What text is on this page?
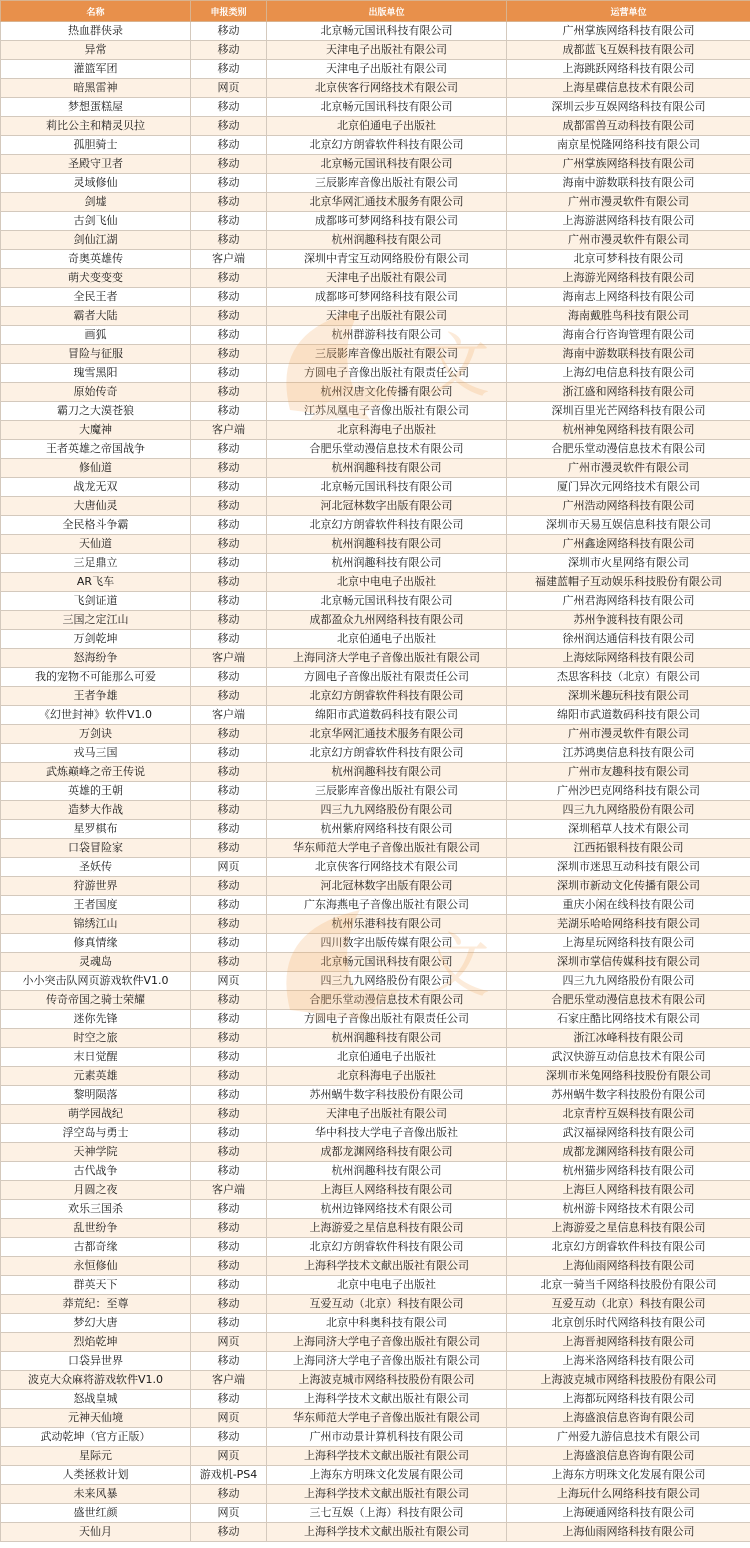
名称	申报类别	出版单位	运营单位
热血群侠录	移动	北京畅元国讯科技有限公司	广州掌族网络科技有限公司
异常	移动	天津电子出版社有限公司	成都蓝飞互娱科技有限公司
灌篮军团	移动	天津电子出版社有限公司	上海跳跃网络科技有限公司
暗黑雷神	网页	北京侠客行网络技术有限公司	上海星碟信息技术有限公司
梦想蛋糕屋	移动	北京畅元国讯科技有限公司	深圳云步互娱网络科技有限公司
莉比公主和精灵贝拉	移动	北京伯通电子出版社	成都雷兽互动科技有限公司
孤胆骑士	移动	北京幻方朗睿软件科技有限公司	南京星悦隆网络科技有限公司
圣殿守卫者	移动	北京畅元国讯科技有限公司	广州掌族网络科技有限公司
灵域修仙	移动	三辰影库音像出版社有限公司	海南中游数联科技有限公司
剑墟	移动	北京华网汇通技术服务有限公司	广州市漫灵软件有限公司
古剑飞仙	移动	成都哆可梦网络科技有限公司	上海游湛网络科技有限公司
剑仙江湖	移动	杭州润趣科技有限公司	广州市漫灵软件有限公司
奇奥英雄传	客户端	深圳中青宝互动网络股份有限公司	北京可梦科技有限公司
萌犬变变变	移动	天津电子出版社有限公司	上海游光网络科技有限公司
全民王者	移动	成都哆可梦网络科技有限公司	海南志上网络科技有限公司
霸者大陆	移动	天津电子出版社有限公司	海南戴胜鸟科技有限公司
画狐	移动	杭州群游科技有限公司	海南合行咨询管理有限公司
冒险与征服	移动	三辰影库音像出版社有限公司	海南中游数联科技有限公司
瑰雪黑阳	移动	方圆电子音像出版社有限责任公司	上海幻电信息科技有限公司
原始传奇	移动	杭州汉唐文化传播有限公司	浙江盛和网络科技有限公司
霸刀之大漠苍狼	移动	江苏凤凰电子音像出版社有限公司	深圳百里光芒网络科技有限公司
大魔神	客户端	北京科海电子出版社	杭州神兔网络科技有限公司
王者英雄之帝国战争	移动	合肥乐堂动漫信息技术有限公司	合肥乐堂动漫信息技术有限公司
修仙道	移动	杭州润趣科技有限公司	广州市漫灵软件有限公司
战龙无双	移动	北京畅元国讯科技有限公司	厦门异次元网络技术有限公司
大唐仙灵	移动	河北冠林数字出版有限公司	广州浩动网络科技有限公司
全民格斗争霸	移动	北京幻方朗睿软件科技有限公司	深圳市天易互娱信息科技有限公司
天仙道	移动	杭州润趣科技有限公司	广州鑫途网络科技有限公司
三足鼎立	移动	杭州润趣科技有限公司	深圳市火星网络有限公司
AR飞车	移动	北京中电电子出版社	福建蓝帽子互动娱乐科技股份有限公司
飞剑证道	移动	北京畅元国讯科技有限公司	广州君海网络科技有限公司
三国之定江山	移动	成都盈众九州网络科技有限公司	苏州争渡科技有限公司
万剑乾坤	移动	北京伯通电子出版社	徐州润达通信科技有限公司
怒海纷争	客户端	上海同济大学电子音像出版社有限公司	上海炫际网络科技有限公司
我的宠物不可能那么可爱	移动	方圆电子音像出版社有限责任公司	杰思客科技（北京）有限公司
王者争雄	移动	北京幻方朗睿软件科技有限公司	深圳米趣玩科技有限公司
《幻世封神》软件V1.0	客户端	绵阳市武道数码科技有限公司	绵阳市武道数码科技有限公司
万剑诀	移动	北京华网汇通技术服务有限公司	广州市漫灵软件有限公司
戎马三国	移动	北京幻方朗睿软件科技有限公司	江苏鸿奥信息科技有限公司
武炼巅峰之帝王传说	移动	杭州润趣科技有限公司	广州市友趣科技有限公司
英雄的王朝	移动	三辰影库音像出版社有限公司	广州沙巴克网络科技有限公司
造梦大作战	移动	四三九九网络股份有限公司	四三九九网络股份有限公司
星罗棋布	移动	杭州紫府网络科技有限公司	深圳稻草人技术有限公司
口袋冒险家	移动	华东师范大学电子音像出版社有限公司	江西拓银科技有限公司
圣妖传	网页	北京侠客行网络技术有限公司	深圳市迷思互动科技有限公司
狩游世界	移动	河北冠林数字出版有限公司	深圳市新动文化传播有限公司
王者国度	移动	广东海燕电子音像出版社有限公司	重庆小闲在线科技有限公司
锦绣江山	移动	杭州乐港科技有限公司	芜湖乐哈哈网络科技有限公司
修真情缘	移动	四川数字出版传媒有限公司	上海星玩网络科技有限公司
灵魂岛	移动	北京畅元国讯科技有限公司	深圳市掌信传媒科技有限公司
小小突击队网页游戏软件V1.0	网页	四三九九网络股份有限公司	四三九九网络股份有限公司
传奇帝国之骑士荣耀	移动	合肥乐堂动漫信息技术有限公司	合肥乐堂动漫信息技术有限公司
迷你先锋	移动	方圆电子音像出版社有限责任公司	石家庄酷比网络技术有限公司
时空之旅	移动	杭州润趣科技有限公司	浙江冰峰科技有限公司
末日觉醒	移动	北京伯通电子出版社	武汉快游互动信息技术有限公司
元素英雄	移动	北京科海电子出版社	深圳市米兔网络科技股份有限公司
黎明陨落	移动	苏州蜗牛数字科技股份有限公司	苏州蜗牛数字科技股份有限公司
萌学园战纪	移动	天津电子出版社有限公司	北京青柠互娱科技有限公司
浮空岛与勇士	移动	华中科技大学电子音像出版社	武汉福禄网络科技有限公司
天神学院	移动	成都龙渊网络科技有限公司	成都龙渊网络科技有限公司
古代战争	移动	杭州润趣科技有限公司	杭州猫步网络科技有限公司
月圆之夜	客户端	上海巨人网络科技有限公司	上海巨人网络科技有限公司
欢乐三国杀	移动	杭州边锋网络技术有限公司	杭州游卡网络技术有限公司
乱世纷争	移动	上海游爱之星信息科技有限公司	上海游爱之星信息科技有限公司
古都奇缘	移动	北京幻方朗睿软件科技有限公司	北京幻方朗睿软件科技有限公司
永恒修仙	移动	上海科学技术文献出版社有限公司	上海仙雨网络科技有限公司
群英天下	移动	北京中电电子出版社	北京一骑当千网络科技股份有限公司
莽荒纪：至尊	移动	互爱互动（北京）科技有限公司	互爱互动（北京）科技有限公司
梦幻大唐	移动	北京中科奥科技有限公司	北京创乐时代网络科技有限公司
烈焰乾坤	网页	上海同济大学电子音像出版社有限公司	上海晋昶网络科技有限公司
口袋异世界	移动	上海同济大学电子音像出版社有限公司	上海米洛网络科技有限公司
波克大众麻将游戏软件V1.0	客户端	上海波克城市网络科技股份有限公司	上海波克城市网络科技股份有限公司
怒战皇城	移动	上海科学技术文献出版社有限公司	上海都玩网络科技有限公司
元神天仙境	网页	华东师范大学电子音像出版社有限公司	上海盛浪信息咨询有限公司
武动乾坤（官方正版）	移动	广州市动景计算机科技有限公司	广州爱九游信息技术有限公司
星际元	网页	上海科学技术文献出版社有限公司	上海盛浪信息咨询有限公司
人类拯救计划	游戏机-PS4	上海东方明珠文化发展有限公司	上海东方明珠文化发展有限公司
未来风暴	移动	上海科学技术文献出版社有限公司	上海玩什么网络科技有限公司
盛世红颜	网页	三七互娱（上海）科技有限公司	上海硬通网络科技有限公司
天仙月	移动	上海科学技术文献出版社有限公司	上海仙雨网络科技有限公司
文
文
